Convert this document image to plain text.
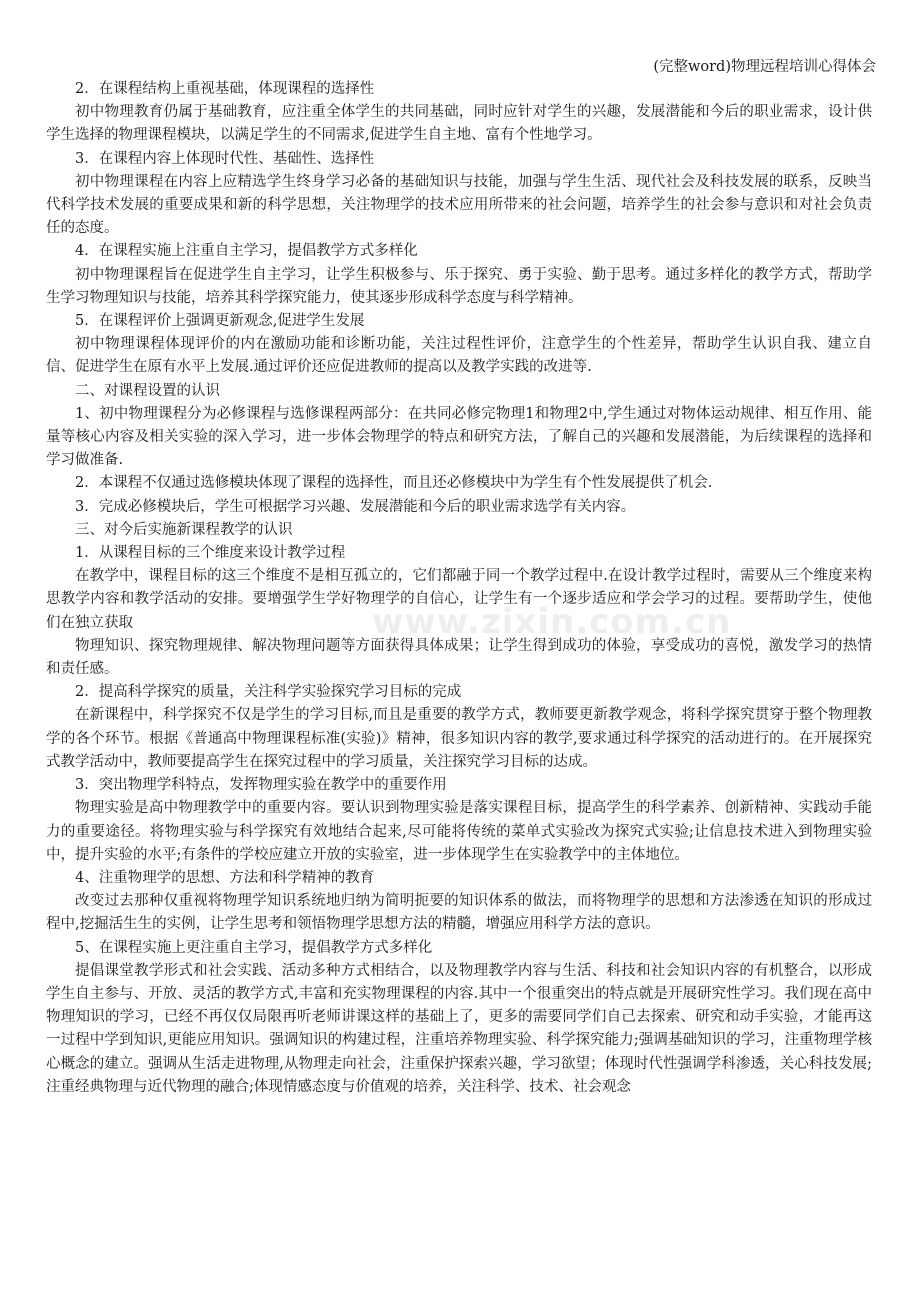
(完整word)物理远程培训心得体会
www.zixin.com.cn

2．在课程结构上重视基础，体现课程的选择性

初中物理教育仍属于基础教育，应注重全体学生的共同基础，同时应针对学生的兴趣，发展潜能和今后的职业需求，设计供学生选择的物理课程模块，以满足学生的不同需求,促进学生自主地、富有个性地学习。

3．在课程内容上体现时代性、基础性、选择性

初中物理课程在内容上应精选学生终身学习必备的基础知识与技能，加强与学生生活、现代社会及科技发展的联系，反映当代科学技术发展的重要成果和新的科学思想，关注物理学的技术应用所带来的社会问题，培养学生的社会参与意识和对社会负责任的态度。

4．在课程实施上注重自主学习，提倡教学方式多样化

初中物理课程旨在促进学生自主学习，让学生积极参与、乐于探究、勇于实验、勤于思考。通过多样化的教学方式，帮助学生学习物理知识与技能，培养其科学探究能力，使其逐步形成科学态度与科学精神。

5．在课程评价上强调更新观念,促进学生发展

初中物理课程体现评价的内在激励功能和诊断功能，关注过程性评价，注意学生的个性差异，帮助学生认识自我、建立自信、促进学生在原有水平上发展.通过评价还应促进教师的提高以及教学实践的改进等.

二、对课程设置的认识

1、初中物理课程分为必修课程与选修课程两部分：在共同必修完物理1和物理2中,学生通过对物体运动规律、相互作用、能量等核心内容及相关实验的深入学习，进一步体会物理学的特点和研究方法，了解自己的兴趣和发展潜能，为后续课程的选择和学习做准备.

2．本课程不仅通过选修模块体现了课程的选择性，而且还必修模块中为学生有个性发展提供了机会.

3．完成必修模块后，学生可根据学习兴趣、发展潜能和今后的职业需求选学有关内容。

三、对今后实施新课程教学的认识

1．从课程目标的三个维度来设计教学过程

在教学中，课程目标的这三个维度不是相互孤立的，它们都融于同一个教学过程中.在设计教学过程时，需要从三个维度来构思教学内容和教学活动的安排。要增强学生学好物理学的自信心，让学生有一个逐步适应和学会学习的过程。要帮助学生，使他们在独立获取

物理知识、探究物理规律、解决物理问题等方面获得具体成果；让学生得到成功的体验，享受成功的喜悦，激发学习的热情和责任感。

2．提高科学探究的质量，关注科学实验探究学习目标的完成

在新课程中，科学探究不仅是学生的学习目标,而且是重要的教学方式，教师要更新教学观念，将科学探究贯穿于整个物理教学的各个环节。根据《普通高中物理课程标准(实验)》精神，很多知识内容的教学,要求通过科学探究的活动进行的。在开展探究式教学活动中，教师要提高学生在探究过程中的学习质量，关注探究学习目标的达成。

3．突出物理学科特点，发挥物理实验在教学中的重要作用

物理实验是高中物理教学中的重要内容。要认识到物理实验是落实课程目标，提高学生的科学素养、创新精神、实践动手能力的重要途径。将物理实验与科学探究有效地结合起来,尽可能将传统的菜单式实验改为探究式实验;让信息技术进入到物理实验中，提升实验的水平;有条件的学校应建立开放的实验室，进一步体现学生在实验教学中的主体地位。

4、注重物理学的思想、方法和科学精神的教育

改变过去那种仅重视将物理学知识系统地归纳为简明扼要的知识体系的做法，而将物理学的思想和方法渗透在知识的形成过程中,挖掘活生生的实例，让学生思考和领悟物理学思想方法的精髓，增强应用科学方法的意识。

5、在课程实施上更注重自主学习，提倡教学方式多样化

提倡课堂教学形式和社会实践、活动多种方式相结合，以及物理教学内容与生活、科技和社会知识内容的有机整合，以形成学生自主参与、开放、灵活的教学方式,丰富和充实物理课程的内容.其中一个很重突出的特点就是开展研究性学习。我们现在高中物理知识的学习，已经不再仅仅局限再听老师讲课这样的基础上了，更多的需要同学们自己去探索、研究和动手实验，才能再这一过程中学到知识,更能应用知识。强调知识的构建过程，注重培养物理实验、科学探究能力;强调基础知识的学习，注重物理学核心概念的建立。强调从生活走进物理,从物理走向社会，注重保护探索兴趣，学习欲望；体现时代性强调学科渗透，关心科技发展;注重经典物理与近代物理的融合;体现情感态度与价值观的培养，关注科学、技术、社会观念
